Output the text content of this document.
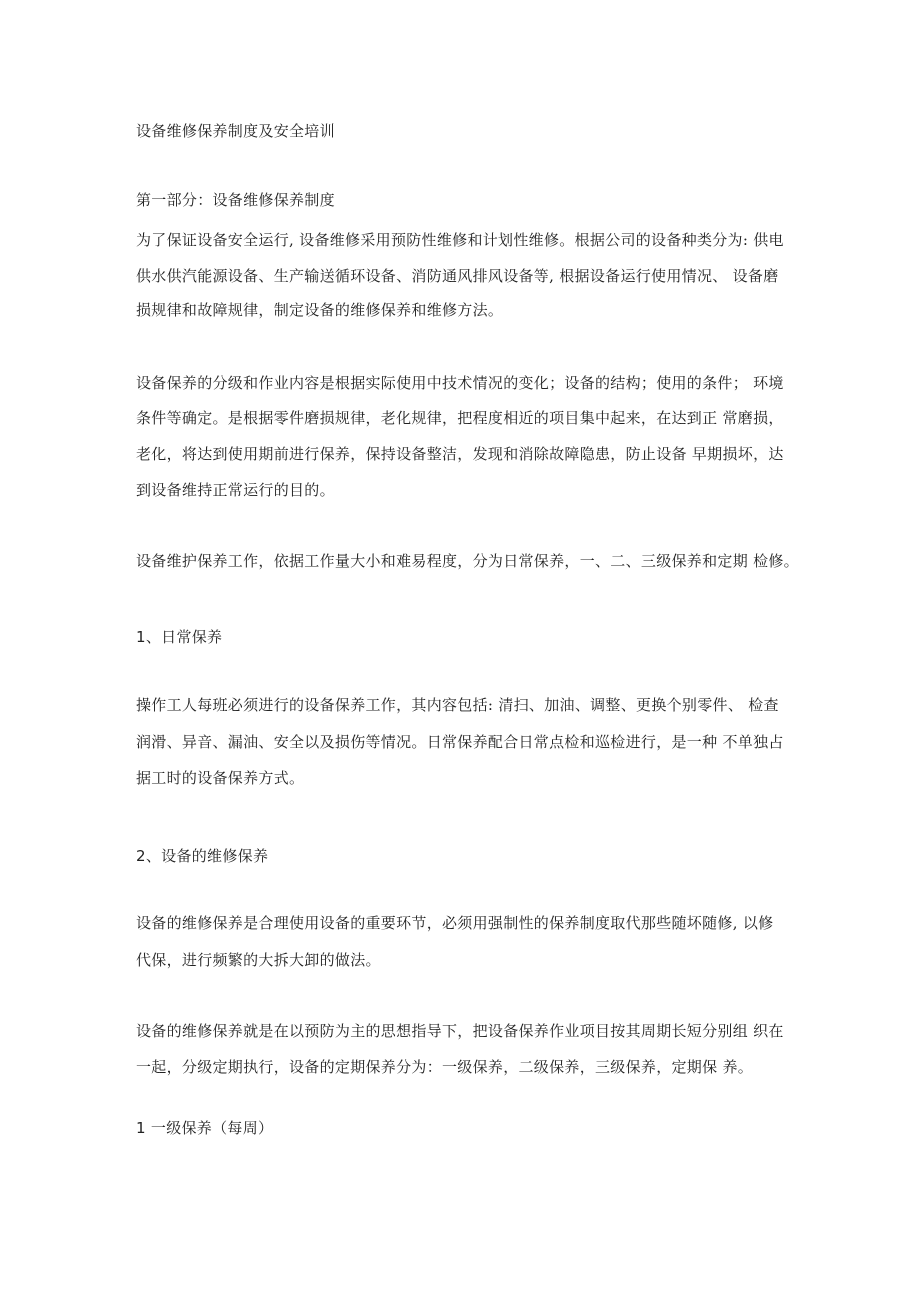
设备维修保养制度及安全培训
第一部分：设备维修保养制度
为了保证设备安全运行, 设备维修采用预防性维修和计划性维修。根据公司的设备种类分为: 供电
供水供汽能源设备、生产输送循环设备、消防通风排风设备等, 根据设备运行使用情况、 设备磨
损规律和故障规律，制定设备的维修保养和维修方法。
设备保养的分级和作业内容是根据实际使用中技术情况的变化；设备的结构；使用的条件； 环境
条件等确定。是根据零件磨损规律，老化规律，把程度相近的项目集中起来，在达到正 常磨损，
老化，将达到使用期前进行保养，保持设备整洁，发现和消除故障隐患，防止设备 早期损坏，达
到设备维持正常运行的目的。
设备维护保养工作，依据工作量大小和难易程度，分为日常保养，一、二、三级保养和定期 检修。
1、日常保养
操作工人每班必须进行的设备保养工作，其内容包括: 清扫、加油、调整、更换个别零件、 检查
润滑、异音、漏油、安全以及损伤等情况。日常保养配合日常点检和巡检进行，是一种 不单独占
据工时的设备保养方式。
2、设备的维修保养
设备的维修保养是合理使用设备的重要环节，必须用强制性的保养制度取代那些随坏随修, 以修
代保，进行频繁的大拆大卸的做法。
设备的维修保养就是在以预防为主的思想指导下，把设备保养作业项目按其周期长短分别组 织在
一起，分级定期执行，设备的定期保养分为：一级保养，二级保养，三级保养，定期保 养。
1 一级保养（每周）
